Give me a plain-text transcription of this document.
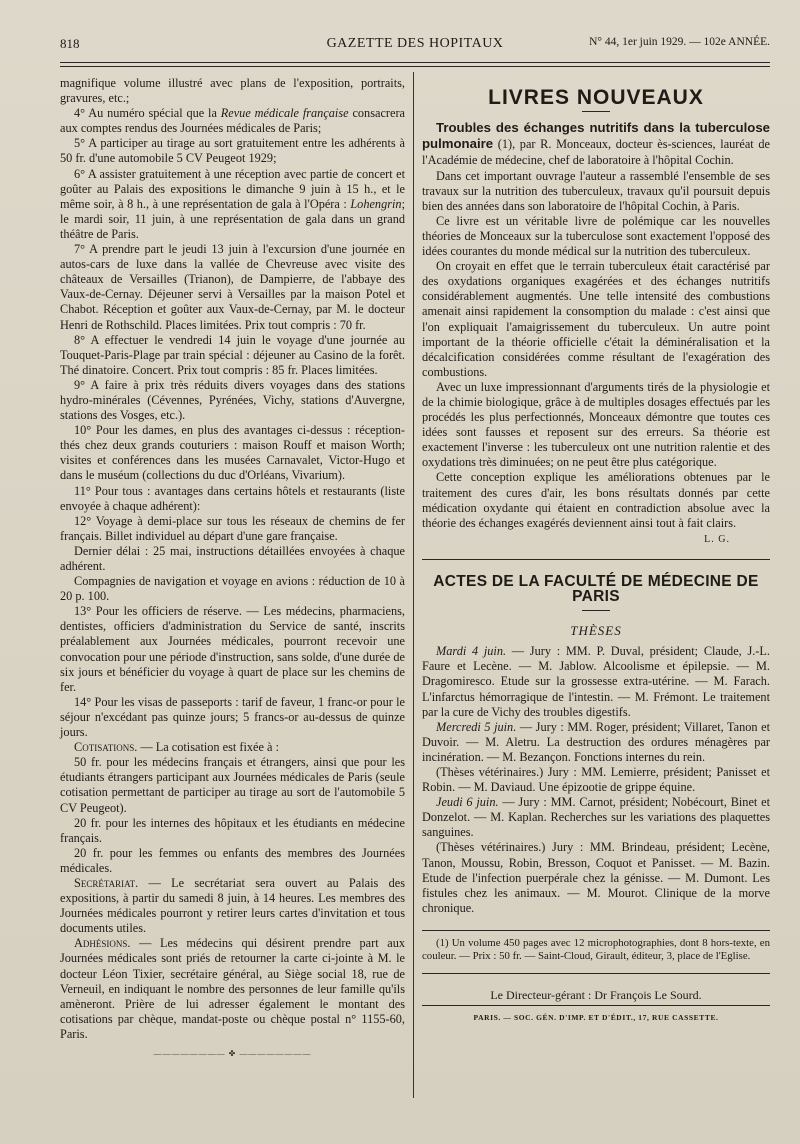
818	GAZETTE DES HOPITAUX	N° 44, 1er juin 1929. — 102e ANNÉE.

magnifique volume illustré avec plans de l'exposition, portraits, gravures, etc.;

4° Au numéro spécial que la Revue médicale française consacrera aux comptes rendus des Journées médicales de Paris;

5° A participer au tirage au sort gratuitement entre les adhérents à 50 fr. d'une automobile 5 CV Peugeot 1929;

6° A assister gratuitement à une réception avec partie de concert et goûter au Palais des expositions le dimanche 9 juin à 15 h., et le même soir, à 8 h., à une représentation de gala à l'Opéra : Lohengrin; le mardi soir, 11 juin, à une représentation de gala dans un grand théâtre de Paris.

7° A prendre part le jeudi 13 juin à l'excursion d'une journée en autos-cars de luxe dans la vallée de Chevreuse avec visite des châteaux de Versailles (Trianon), de Dampierre, de l'abbaye des Vaux-de-Cernay. Déjeuner servi à Versailles par la maison Potel et Chabot. Réception et goûter aux Vaux-de-Cernay, par M. le docteur Henri de Rothschild. Places limitées. Prix tout compris : 70 fr.

8° A effectuer le vendredi 14 juin le voyage d'une journée au Touquet-Paris-Plage par train spécial : déjeuner au Casino de la forêt. Thé dinatoire. Concert. Prix tout compris : 85 fr. Places limitées.

9° A faire à prix très réduits divers voyages dans des stations hydro-minérales (Cévennes, Pyrénées, Vichy, stations d'Auvergne, stations des Vosges, etc.).

10° Pour les dames, en plus des avantages ci-dessus : réception-thés chez deux grands couturiers : maison Rouff et maison Worth; visites et conférences dans les musées Carnavalet, Victor-Hugo et dans le muséum (collections du duc d'Orléans, Vivarium).

11° Pour tous : avantages dans certains hôtels et restaurants (liste envoyée à chaque adhérent):

12° Voyage à demi-place sur tous les réseaux de chemins de fer français. Billet individuel au départ d'une gare française.

Dernier délai : 25 mai, instructions détaillées envoyées à chaque adhérent.

Compagnies de navigation et voyage en avions : réduction de 10 à 20 p. 100.

13° Pour les officiers de réserve. — Les médecins, pharmaciens, dentistes, officiers d'administration du Service de santé, inscrits préalablement aux Journées médicales, pourront recevoir une convocation pour une période d'instruction, sans solde, d'une durée de six jours et bénéficier du voyage à quart de place sur les chemins de fer.

14° Pour les visas de passeports : tarif de faveur, 1 franc-or pour le séjour n'excédant pas quinze jours; 5 francs-or au-dessus de quinze jours.

Cotisations. — La cotisation est fixée à :

50 fr. pour les médecins français et étrangers, ainsi que pour les étudiants étrangers participant aux Journées médicales de Paris (seule cotisation permettant de participer au tirage au sort de l'automobile 5 CV Peugeot).

20 fr. pour les internes des hôpitaux et les étudiants en médecine français.

20 fr. pour les femmes ou enfants des membres des Journées médicales.

Secrétariat. — Le secrétariat sera ouvert au Palais des expositions, à partir du samedi 8 juin, à 14 heures. Les membres des Journées médicales pourront y retirer leurs cartes d'invitation et tous documents utiles.

Adhésions. — Les médecins qui désirent prendre part aux Journées médicales sont priés de retourner la carte ci-jointe à M. le docteur Léon Tixier, secrétaire général, au Siège social 18, rue de Verneuil, en indiquant le nombre des personnes de leur famille qu'ils amèneront. Prière de lui adresser également le montant des cotisations par chèque, mandat-poste ou chèque postal n° 1155-60, Paris.

———————— ✤ ————————
LIVRES NOUVEAUX

Troubles des échanges nutritifs dans la tuberculose pulmonaire (1), par R. Monceaux, docteur ès-sciences, lauréat de l'Académie de médecine, chef de laboratoire à l'hôpital Cochin.

Dans cet important ouvrage l'auteur a rassemblé l'ensemble de ses travaux sur la nutrition des tuberculeux, travaux qu'il poursuit depuis bien des années dans son laboratoire de l'hôpital Cochin, à Paris.

Ce livre est un véritable livre de polémique car les nouvelles théories de Monceaux sur la tuberculose sont exactement l'opposé des idées courantes du monde médical sur la nutrition des tuberculeux.

On croyait en effet que le terrain tuberculeux était caractérisé par des oxydations organiques exagérées et des échanges nutritifs considérablement augmentés. Une telle intensité des combustions amenait ainsi rapidement la consomption du malade : c'est ainsi que l'on expliquait l'amaigrissement du tuberculeux. Un autre point important de la théorie officielle c'était la déminéralisation et la décalcification considérées comme résultant de l'exagération des combustions.

Avec un luxe impressionnant d'arguments tirés de la physiologie et de la chimie biologique, grâce à de multiples dosages effectués par les procédés les plus perfectionnés, Monceaux démontre que toutes ces idées sont fausses et reposent sur des erreurs. Sa théorie est exactement l'inverse : les tuberculeux ont une nutrition ralentie et des oxydations très diminuées; on ne peut être plus catégorique.

Cette conception explique les améliorations obtenues par le traitement des cures d'air, les bons résultats donnés par cette médication oxydante qui étaient en contradiction absolue avec la théorie des échanges exagérés deviennent ainsi tout à fait clairs.

L. G.
ACTES DE LA FACULTÉ DE MÉDECINE DE PARIS
THÈSES

Mardi 4 juin. — Jury : MM. P. Duval, président; Claude, J.-L. Faure et Lecène. — M. Jablow. Alcoolisme et épilepsie. — M. Dragomiresco. Etude sur la grossesse extra-utérine. — M. Farach. L'infarctus hémorragique de l'intestin. — M. Frémont. Le traitement par la cure de Vichy des troubles digestifs.

Mercredi 5 juin. — Jury : MM. Roger, président; Villaret, Tanon et Duvoir. — M. Aletru. La destruction des ordures ménagères par incinération. — M. Bezançon. Fonctions internes du rein.

(Thèses vétérinaires.) Jury : MM. Lemierre, président; Panisset et Robin. — M. Daviaud. Une épizootie de grippe équine.

Jeudi 6 juin. — Jury : MM. Carnot, président; Nobécourt, Binet et Donzelot. — M. Kaplan. Recherches sur les variations des plaquettes sanguines.

(Thèses vétérinaires.) Jury : MM. Brindeau, président; Lecène, Tanon, Moussu, Robin, Bresson, Coquot et Panisset. — M. Bazin. Etude de l'infection puerpérale chez la génisse. — M. Dumont. Les fistules chez les animaux. — M. Mourot. Clinique de la morve chronique.

(1) Un volume 450 pages avec 12 microphotographies, dont 8 hors-texte, en couleur. — Prix : 50 fr. — Saint-Cloud, Girault, éditeur, 3, place de l'Eglise.

Le Directeur-gérant : Dr François Le Sourd.
PARIS. — SOC. GÉN. D'IMP. ET D'ÉDIT., 17, RUE CASSETTE.
